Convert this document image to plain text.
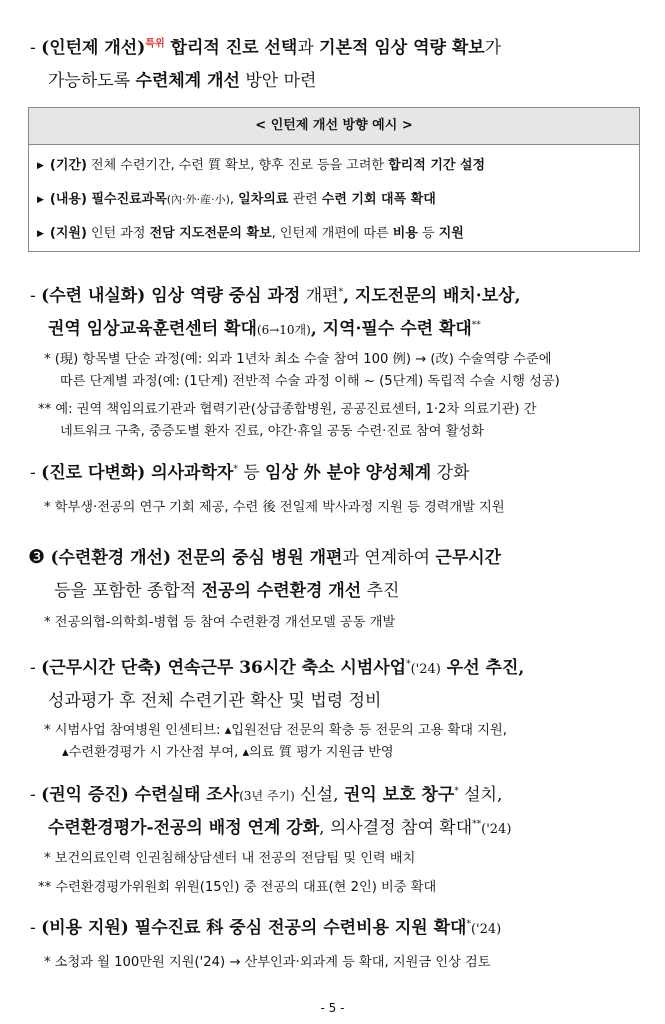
- (인턴제 개선)$^{특위}$ 합리적 진로 선택과 기본적 임상 역량 확보가
가능하도록 수련체계 개선 방안 마련
< 인턴제 개선 방향 예시 >
▶ (기간) 전체 수련기간, 수련 質 확보, 향후 진로 등을 고려한 합리적 기간 설정
▶ (내용) 필수진료과목(內·外·産·小), 일차의료 관련 수련 기회 대폭 확대
▶ (지원) 인턴 과정 전담 지도전문의 확보, 인턴제 개편에 따른 비용 등 지원
- (수련 내실화) 임상 역량 중심 과정 개편*, 지도전문의 배치·보상,
권역 임상교육훈련센터 확대(6→10개), 지역·필수 수련 확대**
* (現) 항목별 단순 과정(예: 외과 1년차 최소 수술 참여 100 例) → (改) 수술역량 수준에
따른 단계별 과정(예: (1단계) 전반적 수술 과정 이해 ~ (5단계) 독립적 수술 시행 성공)
** 예: 권역 책임의료기관과 협력기관(상급종합병원, 공공진료센터, 1·2차 의료기관) 간
네트워크 구축, 중증도별 환자 진료, 야간·휴일 공동 수련·진료 참여 활성화
- (진로 다변화) 의사과학자* 등 임상 外 분야 양성체계 강화
* 학부생·전공의 연구 기회 제공, 수련 後 전일제 박사과정 지원 등 경력개발 지원
❸ (수련환경 개선) 전문의 중심 병원 개편과 연계하여 근무시간
등을 포함한 종합적 전공의 수련환경 개선 추진
* 전공의협-의학회-병협 등 참여 수련환경 개선모델 공동 개발
- (근무시간 단축) 연속근무 36시간 축소 시범사업*('24) 우선 추진,
성과평가 후 전체 수련기관 확산 및 법령 정비
* 시범사업 참여병원 인센티브: ▴입원전담 전문의 확충 등 전문의 고용 확대 지원,
▴수련환경평가 시 가산점 부여, ▴의료 質 평가 지원금 반영
- (권익 증진) 수련실태 조사(3년 주기) 신설, 권익 보호 창구* 설치,
수련환경평가-전공의 배정 연계 강화, 의사결정 참여 확대**('24)
* 보건의료인력 인권침해상담센터 내 전공의 전담팀 및 인력 배치
** 수련환경평가위원회 위원(15인) 중 전공의 대표(현 2인) 비중 확대
- (비용 지원) 필수진료 科 중심 전공의 수련비용 지원 확대*('24)
* 소청과 월 100만원 지원('24) → 산부인과·외과계 등 확대, 지원금 인상 검토
- 5 -
